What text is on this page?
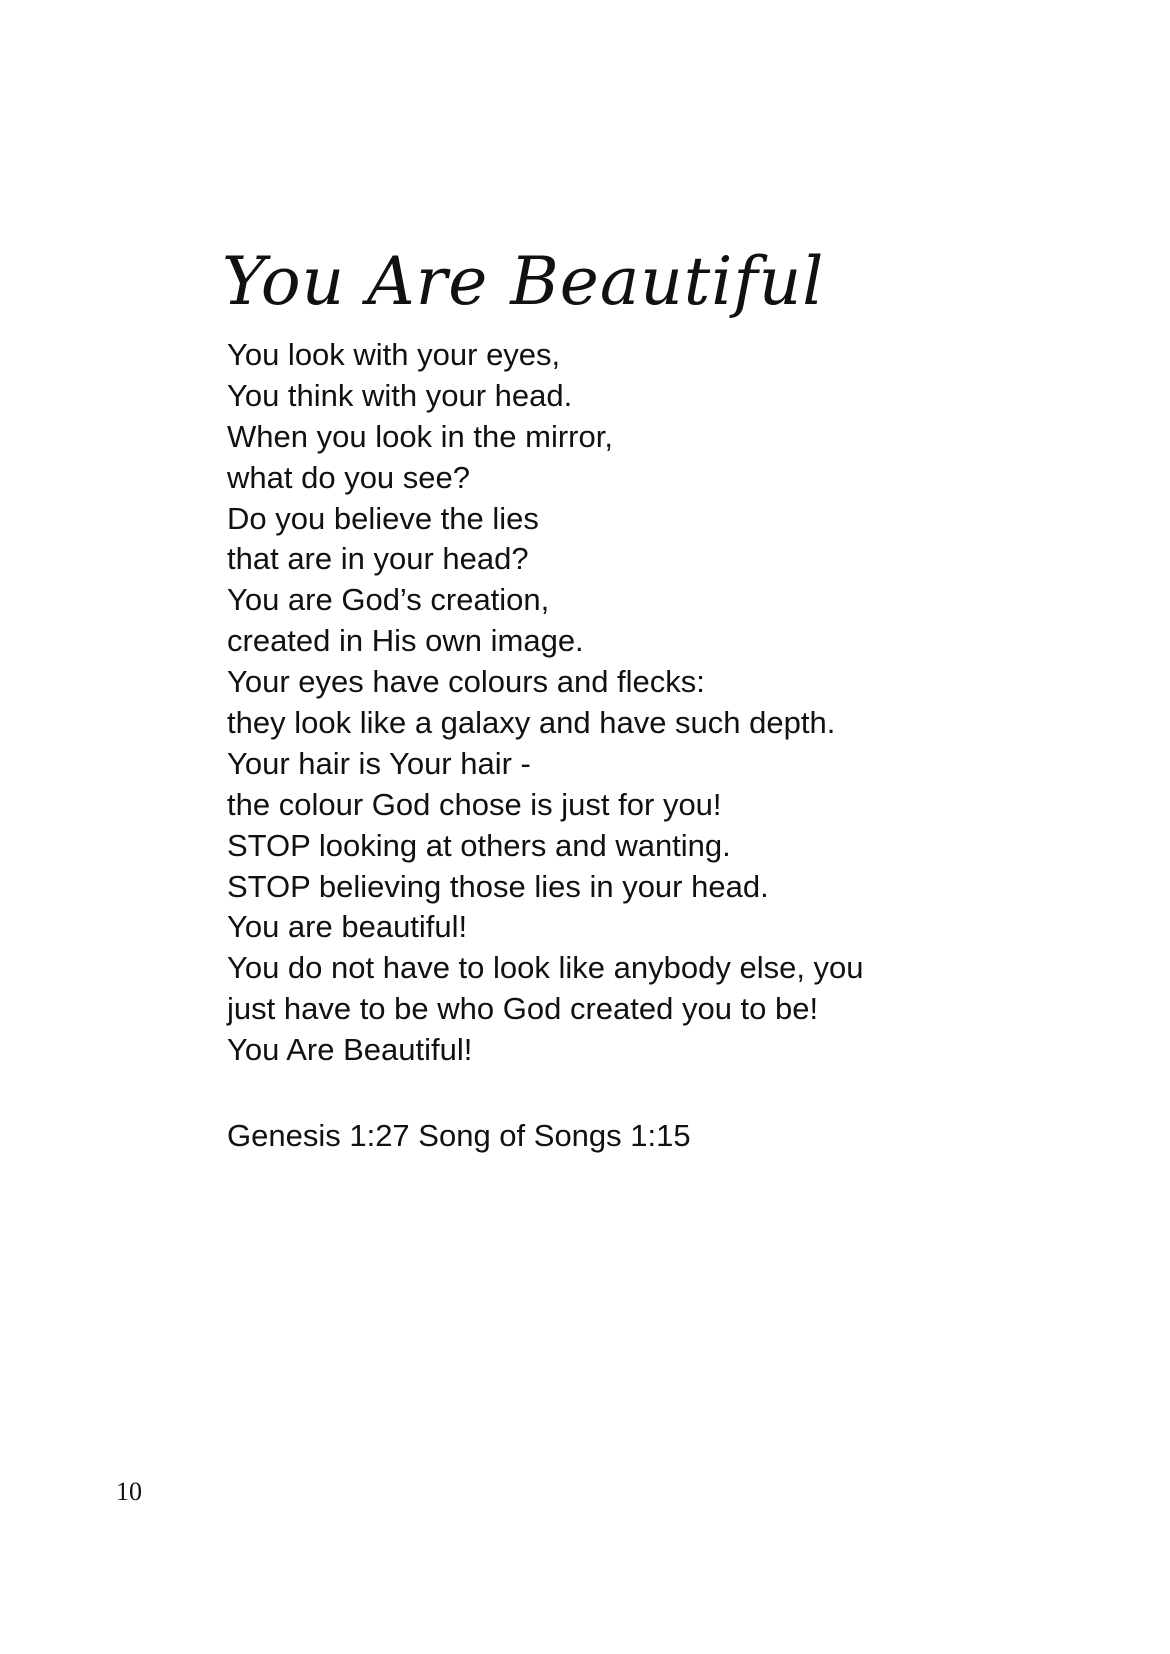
You Are Beautiful
You look with your eyes,
You think with your head.
When you look in the mirror,
what do you see?
Do you believe the lies
that are in your head?
You are God’s creation,
created in His own image.
Your eyes have colours and flecks:
they look like a galaxy and have such depth.
Your hair is Your hair -
the colour God chose is just for you!
STOP looking at others and wanting.
STOP believing those lies in your head.
You are beautiful!
You do not have to look like anybody else, you
just have to be who God created you to be!
You Are Beautiful!
Genesis 1:27 Song of Songs 1:15
10
